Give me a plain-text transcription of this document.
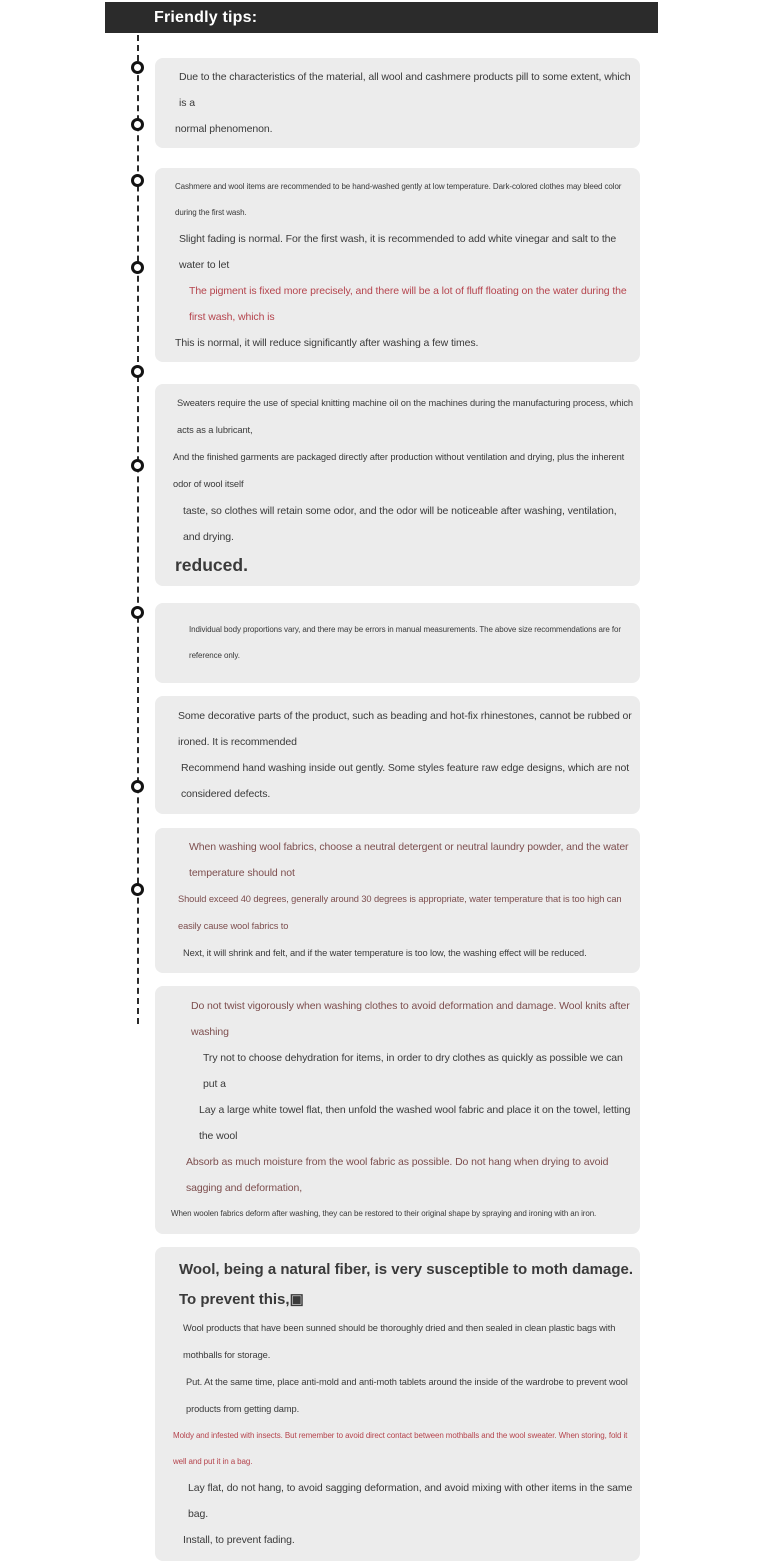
Friendly tips:

Due to the characteristics of the material, all wool and cashmere products pill to some extent, which is a

normal phenomenon.

Cashmere and wool items are recommended to be hand-washed gently at low temperature. Dark-colored clothes may bleed color during the first wash.

Slight fading is normal. For the first wash, it is recommended to add white vinegar and salt to the water to let

The pigment is fixed more precisely, and there will be a lot of fluff floating on the water during the first wash, which is

This is normal, it will reduce significantly after washing a few times.

Sweaters require the use of special knitting machine oil on the machines during the manufacturing process, which acts as a lubricant,

And the finished garments are packaged directly after production without ventilation and drying, plus the inherent odor of wool itself

taste, so clothes will retain some odor, and the odor will be noticeable after washing, ventilation, and drying.

reduced.

Individual body proportions vary, and there may be errors in manual measurements. The above size recommendations are for reference only.

Some decorative parts of the product, such as beading and hot-fix rhinestones, cannot be rubbed or ironed. It is recommended

Recommend hand washing inside out gently. Some styles feature raw edge designs, which are not considered defects.

When washing wool fabrics, choose a neutral detergent or neutral laundry powder, and the water temperature should not

Should exceed 40 degrees, generally around 30 degrees is appropriate, water temperature that is too high can easily cause wool fabrics to

Next, it will shrink and felt, and if the water temperature is too low, the washing effect will be reduced.

Do not twist vigorously when washing clothes to avoid deformation and damage. Wool knits after washing

Try not to choose dehydration for items, in order to dry clothes as quickly as possible we can put a

Lay a large white towel flat, then unfold the washed wool fabric and place it on the towel, letting the wool

Absorb as much moisture from the wool fabric as possible. Do not hang when drying to avoid sagging and deformation,

When woolen fabrics deform after washing, they can be restored to their original shape by spraying and ironing with an iron.

Wool, being a natural fiber, is very susceptible to moth damage. To prevent this,▣

Wool products that have been sunned should be thoroughly dried and then sealed in clean plastic bags with mothballs for storage.

Put. At the same time, place anti-mold and anti-moth tablets around the inside of the wardrobe to prevent wool products from getting damp.

Moldy and infested with insects. But remember to avoid direct contact between mothballs and the wool sweater. When storing, fold it well and put it in a bag.

Lay flat, do not hang, to avoid sagging deformation, and avoid mixing with other items in the same bag.

Install, to prevent fading.
